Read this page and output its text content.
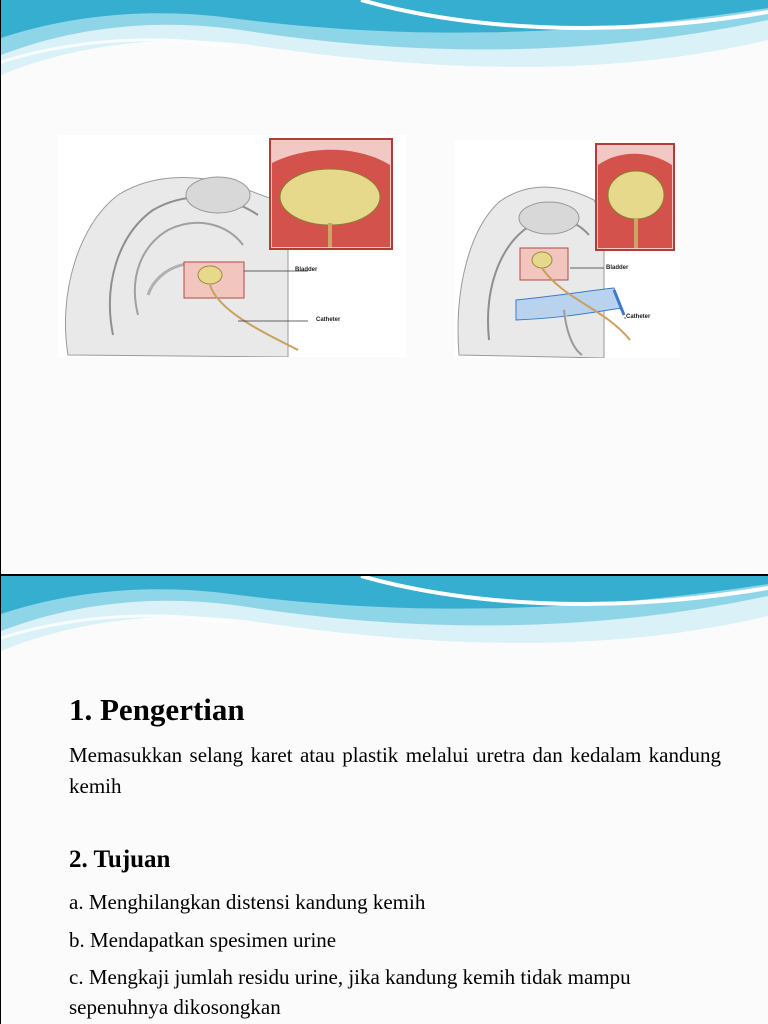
Bladder
Catheter
Bladder
Catheter
1. Pengertian

Memasukkan selang karet atau plastik melalui uretra dan kedalam kandung kemih

2. Tujuan

a. Menghilangkan distensi kandung kemih

b. Mendapatkan spesimen urine

c. Mengkaji jumlah residu urine, jika kandung kemih tidak mampu sepenuhnya dikosongkan
